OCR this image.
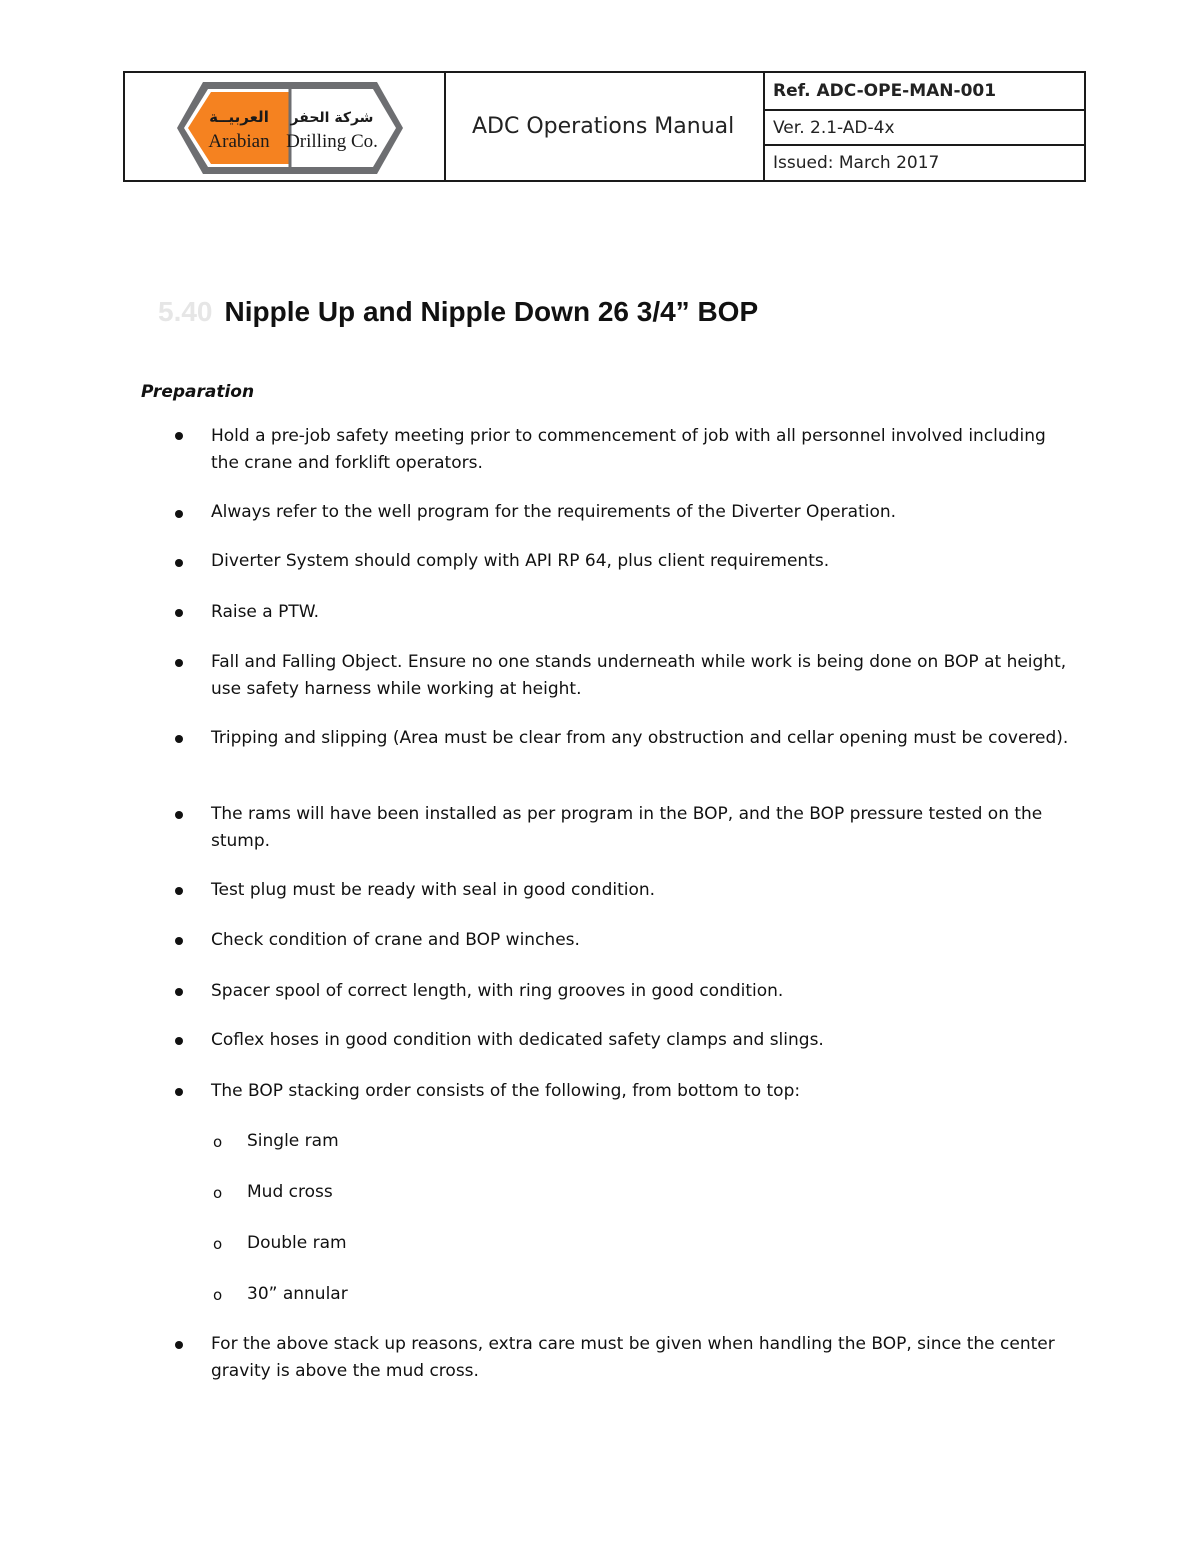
العربيــة
Arabian
شركة الحفر
Drilling Co.
ADC Operations Manual
Ref. ADC-OPE-MAN-001
Ver. 2.1-AD-4x
Issued: March 2017
5.40 Nipple Up and Nipple Down 26 3/4” BOP
Preparation
Hold a pre-job safety meeting prior to commencement of job with all personnel involved including the crane and forklift operators.
Always refer to the well program for the requirements of the Diverter Operation.
Diverter System should comply with API RP 64, plus client requirements.
Raise a PTW.
Fall and Falling Object. Ensure no one stands underneath while work is being done on BOP at height, use safety harness while working at height.
Tripping and slipping (Area must be clear from any obstruction and cellar opening must be covered).
The rams will have been installed as per program in the BOP, and the BOP pressure tested on the stump.
Test plug must be ready with seal in good condition.
Check condition of crane and BOP winches.
Spacer spool of correct length, with ring grooves in good condition.
Coflex hoses in good condition with dedicated safety clamps and slings.
The BOP stacking order consists of the following, from bottom to top:
o Single ram
o Mud cross
o Double ram
o 30” annular
For the above stack up reasons, extra care must be given when handling the BOP, since the center gravity is above the mud cross.
